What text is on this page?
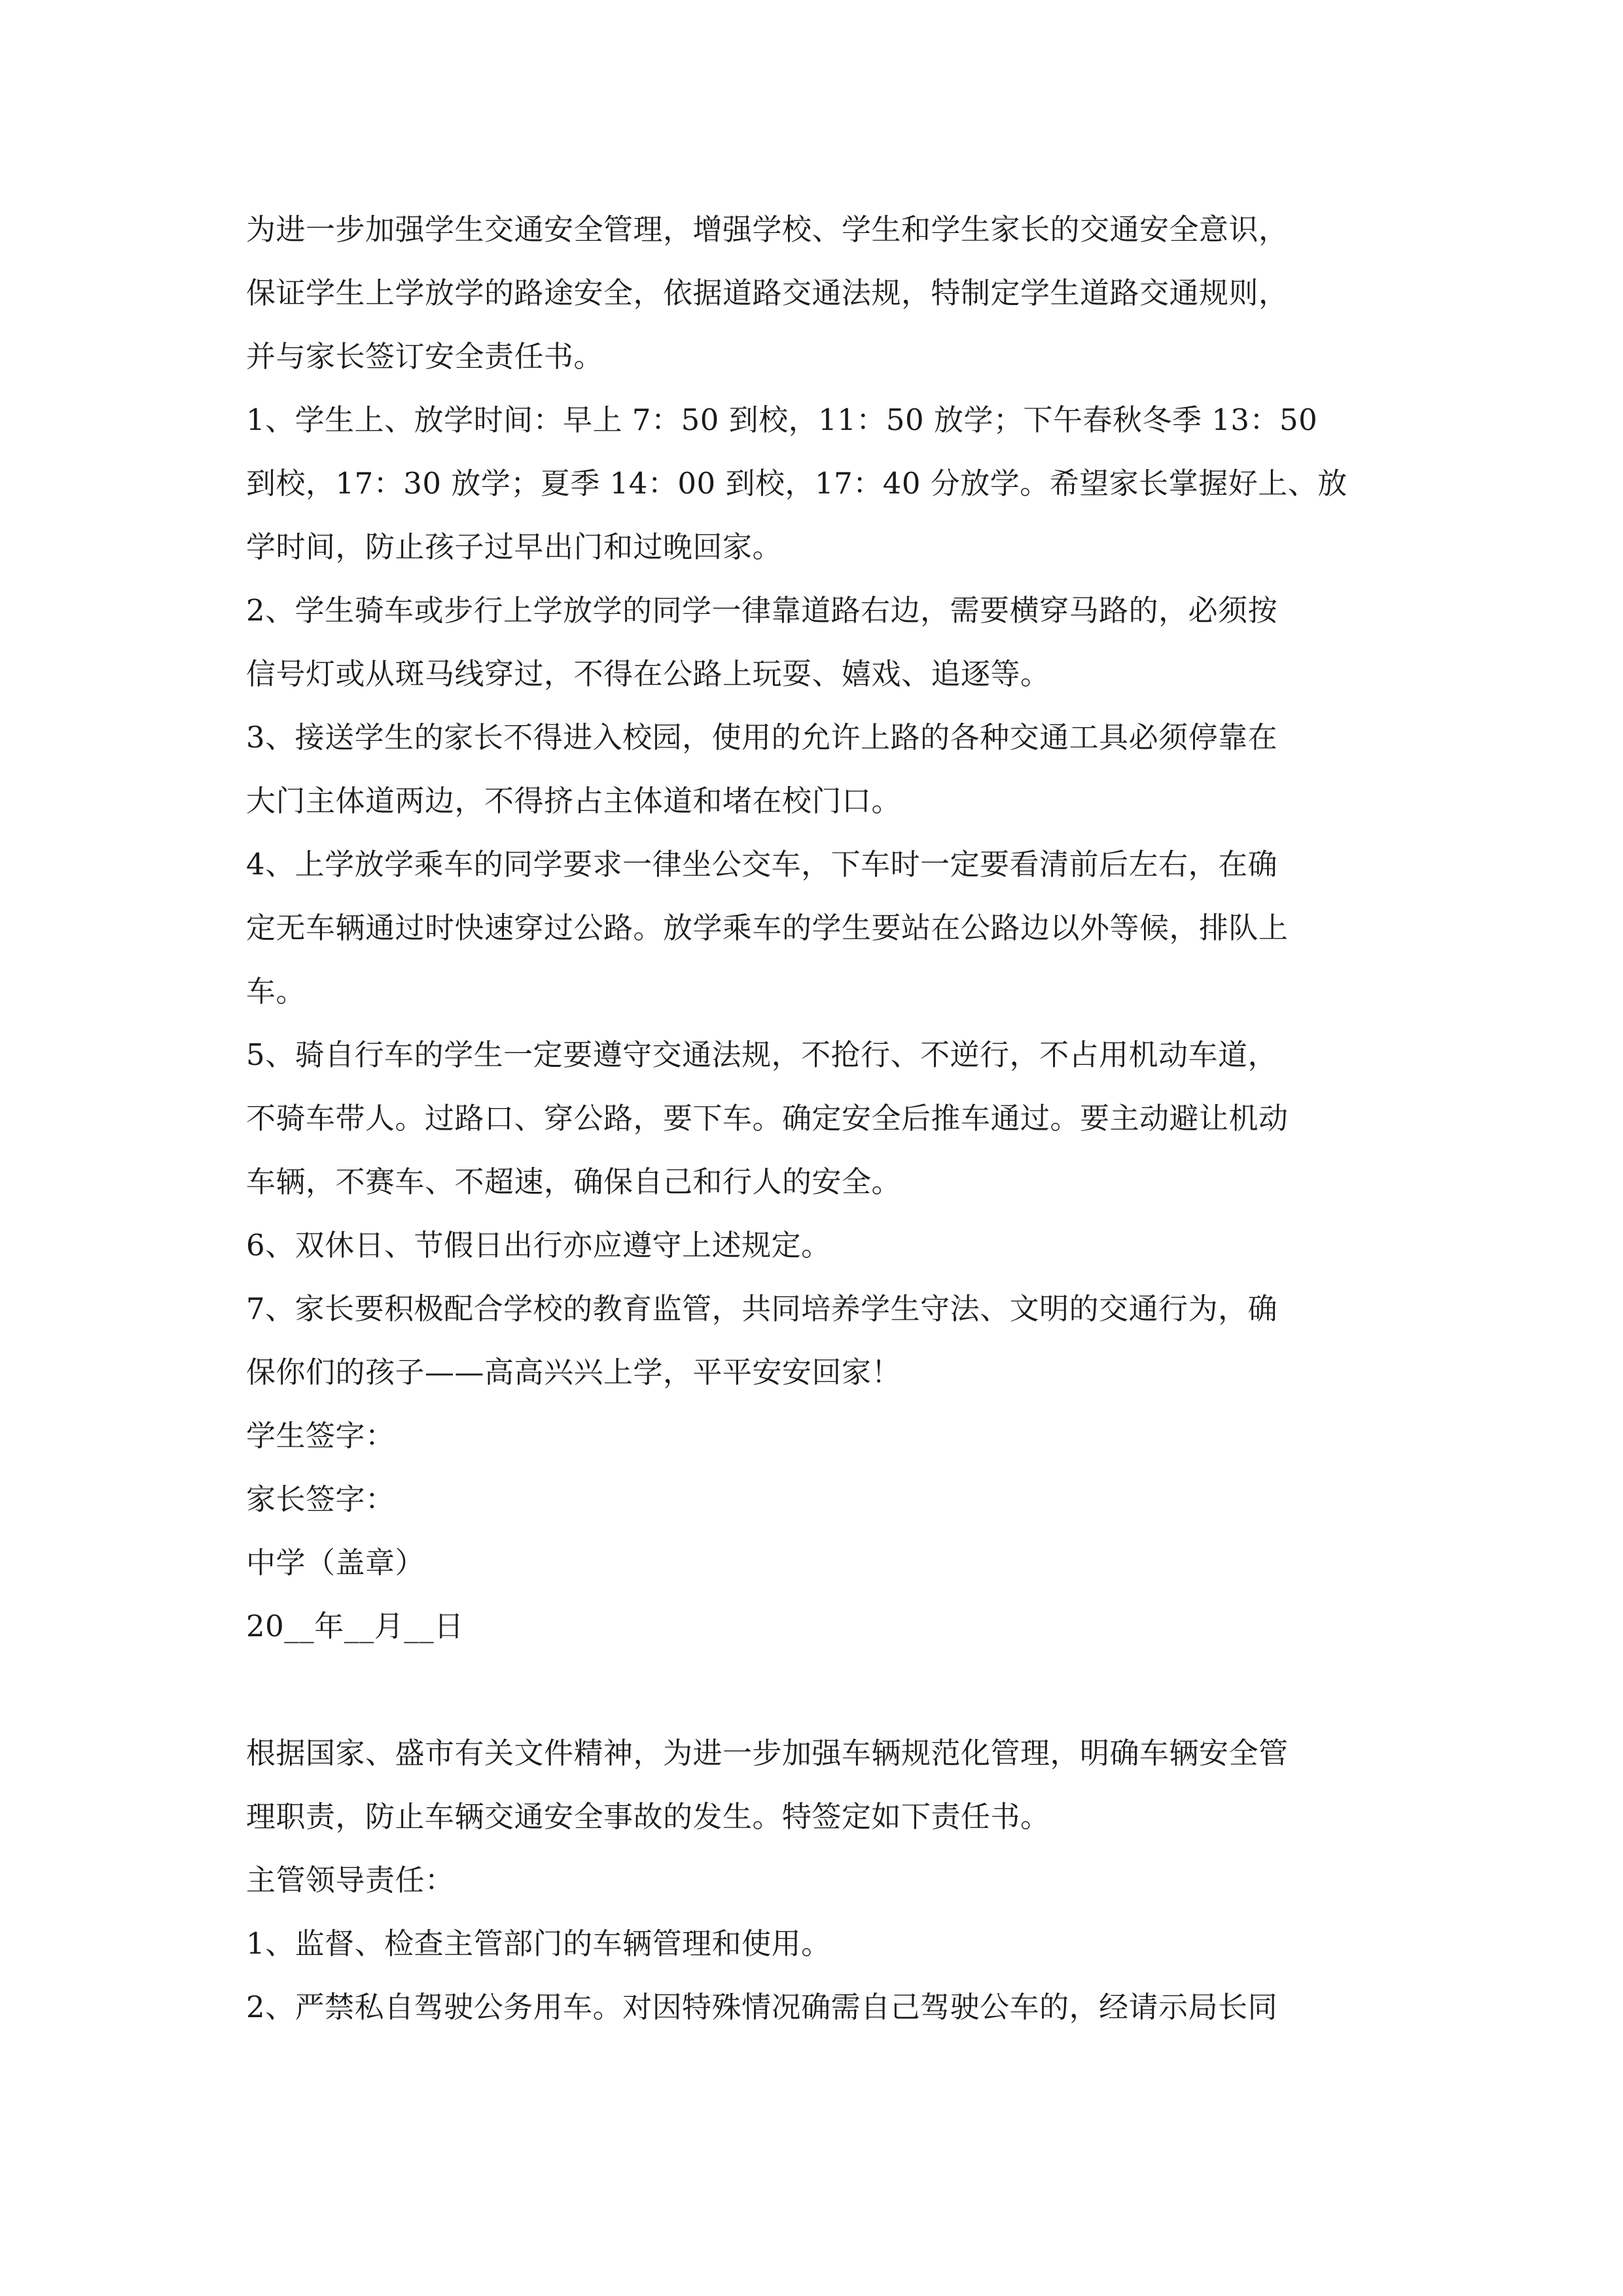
为进一步加强学生交通安全管理，增强学校、学生和学生家长的交通安全意识，
保证学生上学放学的路途安全，依据道路交通法规，特制定学生道路交通规则，
并与家长签订安全责任书。
1、学生上、放学时间：早上 7：50 到校，11：50 放学；下午春秋冬季 13：50
到校，17：30 放学；夏季 14：00 到校，17：40 分放学。希望家长掌握好上、放
学时间，防止孩子过早出门和过晚回家。
2、学生骑车或步行上学放学的同学一律靠道路右边，需要横穿马路的，必须按
信号灯或从斑马线穿过，不得在公路上玩耍、嬉戏、追逐等。
3、接送学生的家长不得进入校园，使用的允许上路的各种交通工具必须停靠在
大门主体道两边，不得挤占主体道和堵在校门口。
4、上学放学乘车的同学要求一律坐公交车，下车时一定要看清前后左右，在确
定无车辆通过时快速穿过公路。放学乘车的学生要站在公路边以外等候，排队上
车。
5、骑自行车的学生一定要遵守交通法规，不抢行、不逆行，不占用机动车道，
不骑车带人。过路口、穿公路，要下车。确定安全后推车通过。要主动避让机动
车辆，不赛车、不超速，确保自己和行人的安全。
6、双休日、节假日出行亦应遵守上述规定。
7、家长要积极配合学校的教育监管，共同培养学生守法、文明的交通行为，确
保你们的孩子——高高兴兴上学，平平安安回家！
学生签字：
家长签字：
中学（盖章）
20__年__月__日
根据国家、盛市有关文件精神，为进一步加强车辆规范化管理，明确车辆安全管
理职责，防止车辆交通安全事故的发生。特签定如下责任书。
主管领导责任：
1、监督、检查主管部门的车辆管理和使用。
2、严禁私自驾驶公务用车。对因特殊情况确需自己驾驶公车的，经请示局长同
